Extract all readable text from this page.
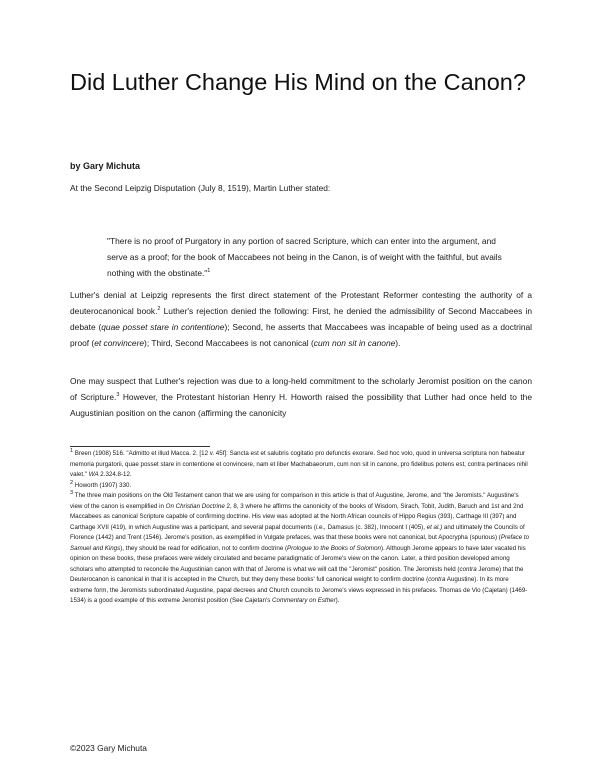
Did Luther Change His Mind on the Canon?

by Gary Michuta

At the Second Leipzig Disputation (July 8, 1519), Martin Luther stated:

"There is no proof of Purgatory in any portion of sacred Scripture, which can enter into the argument, and serve as a proof; for the book of Maccabees not being in the Canon, is of weight with the faithful, but avails nothing with the obstinate."$^1$

Luther's denial at Leipzig represents the first direct statement of the Protestant Reformer contesting the authority of a deuterocanonical book.$^2$ Luther's rejection denied the following: First, he denied the admissibility of Second Maccabees in debate (quae posset stare in contentione); Second, he asserts that Maccabees was incapable of being used as a doctrinal proof (et convincere); Third, Second Maccabees is not canonical (cum non sit in canone).

One may suspect that Luther's rejection was due to a long-held commitment to the scholarly Jeromist position on the canon of Scripture.$^3$ However, the Protestant historian Henry H. Howorth raised the possibility that Luther had once held to the Augustinian position on the canon (affirming the canonicity

$^1$ Breen (1908) 516. "Admitto et illud Macca. 2. [12 v. 45f]: Sancta est et salubris cogitatio pro defunctis exorare. Sed hoc volo, quod in universa scriptura non habeatur memoria purgatorii, quae posset stare in contentione et convincere, nam et liber Machabaeorum, cum non sit in canone, pro fidelibus potens est, contra pertinaces nihil valet." WA 2.324.8-12.

$^2$ Howorth (1907) 330.

$^3$ The three main positions on the Old Testament canon that we are using for comparison in this article is that of Augustine, Jerome, and "the Jeromists." Augustine's view of the canon is exemplified in On Christian Doctrine 2, 8, 3 where he affirms the canonicity of the books of Wisdom, Sirach, Tobit, Judith, Baruch and 1st and 2nd Maccabees as canonical Scripture capable of confirming doctrine. His view was adopted at the North African councils of Hippo Regius (393), Carthage III (397) and Carthage XVII (419), in which Augustine was a participant, and several papal documents (i.e., Damasus (c. 382), Innocent I (405), et al.) and ultimately the Councils of Florence (1442) and Trent (1546). Jerome's position, as exemplified in Vulgate prefaces, was that these books were not canonical, but Apocrypha (spurious) (Preface to Samuel and Kings), they should be read for edification, not to confirm doctrine (Prologue to the Books of Solomon). Although Jerome appears to have later vacated his opinion on these books, these prefaces were widely circulated and became paradigmatic of Jerome's view on the canon. Later, a third position developed among scholars who attempted to reconcile the Augustinian canon with that of Jerome is what we will call the "Jeromist" position. The Jeromists held (contra Jerome) that the Deuterocanon is canonical in that it is accepted in the Church, but they deny these books' full canonical weight to confirm doctrine (contra Augustine). In its more extreme form, the Jeromists subordinated Augustine, papal decrees and Church councils to Jerome's views expressed in his prefaces. Thomas de Vio (Cajetan) (1469-1534) is a good example of this extreme Jeromist position (See Cajetan's Commentary on Esther).

©2023 Gary Michuta
